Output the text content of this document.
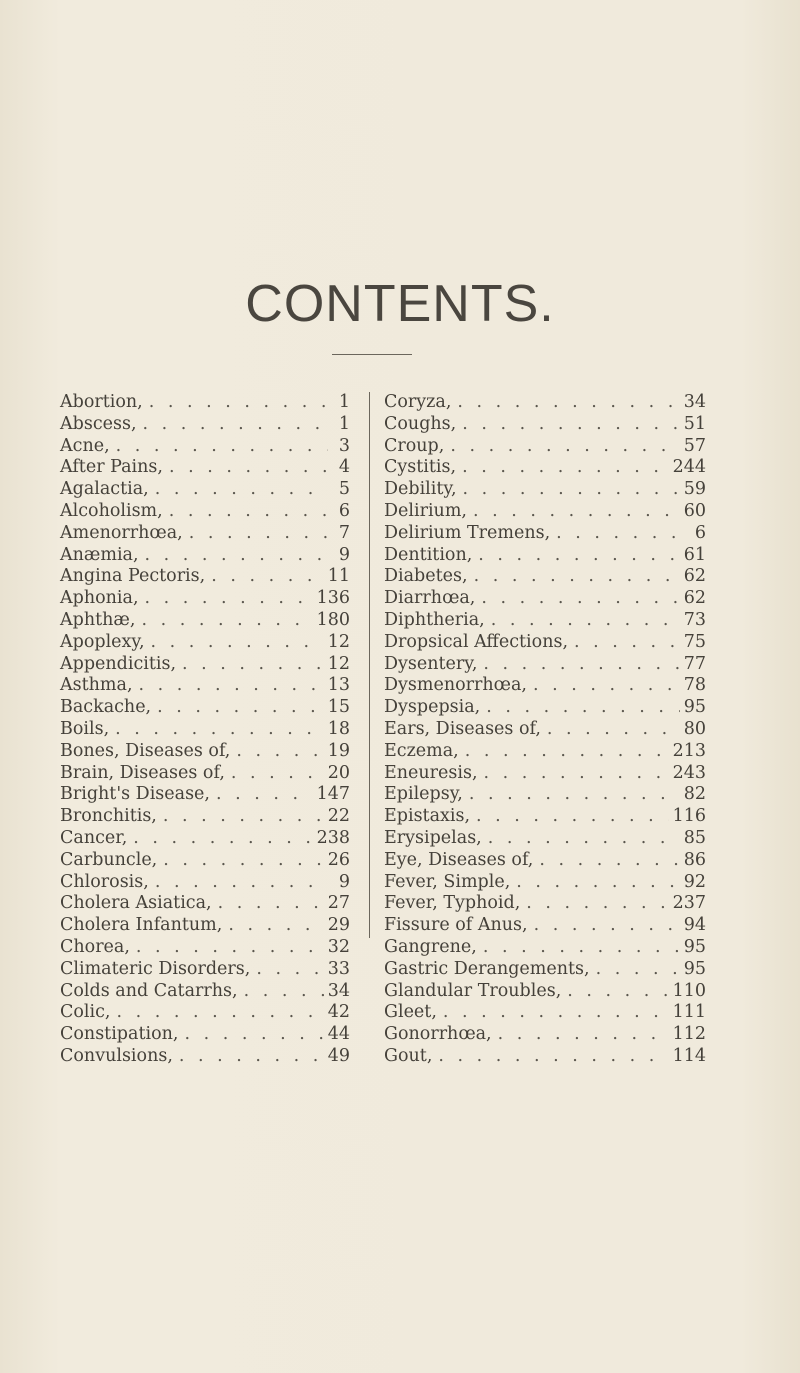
CONTENTS.
Abortion, . . .	1
Abscess, . . .	1
Acne, . . .	3
After Pains, . . .	4
Agalactia, . . .	5
Alcoholism, . . .	6
Amenorrhœa, . . .	7
Anæmia, . . .	9
Angina Pectoris, . . .	11
Aphonia, . . .	136
Aphthæ, . . .	180
Apoplexy, . . .	12
Appendicitis, . . .	12
Asthma, . . .	13
Backache, . . .	15
Boils, . . .	18
Bones, Diseases of, . . .	19
Brain, Diseases of, . . .	20
Bright's Disease, . . .	147
Bronchitis, . . .	22
Cancer, . . .	238
Carbuncle, . . .	26
Chlorosis, . . .	9
Cholera Asiatica, . . .	27
Cholera Infantum, . . .	29
Chorea, . . .	32
Climateric Disorders, . . .	33
Colds and Catarrhs, . . .	34
Colic, . . .	42
Constipation, . . .	44
Convulsions, . . .	49
Coryza, . . .	34
Coughs, . . .	51
Croup, . . .	57
Cystitis, . . .	244
Debility, . . .	59
Delirium, . . .	60
Delirium Tremens, . . .	6
Dentition, . . .	61
Diabetes, . . .	62
Diarrhœa, . . .	62
Diphtheria, . . .	73
Dropsical Affections, . . .	75
Dysentery, . . .	77
Dysmenorrhœa, . . .	78
Dyspepsia, . . .	95
Ears, Diseases of, . . .	80
Eczema, . . .	213
Eneuresis, . . .	243
Epilepsy, . . .	82
Epistaxis, . . .	116
Erysipelas, . . .	85
Eye, Diseases of, . . .	86
Fever, Simple, . . .	92
Fever, Typhoid, . . .	237
Fissure of Anus, . . .	94
Gangrene, . . .	95
Gastric Derangements, . . .	95
Glandular Troubles, . . .	110
Gleet, . . .	111
Gonorrhœa, . . .	112
Gout, . . .	114
